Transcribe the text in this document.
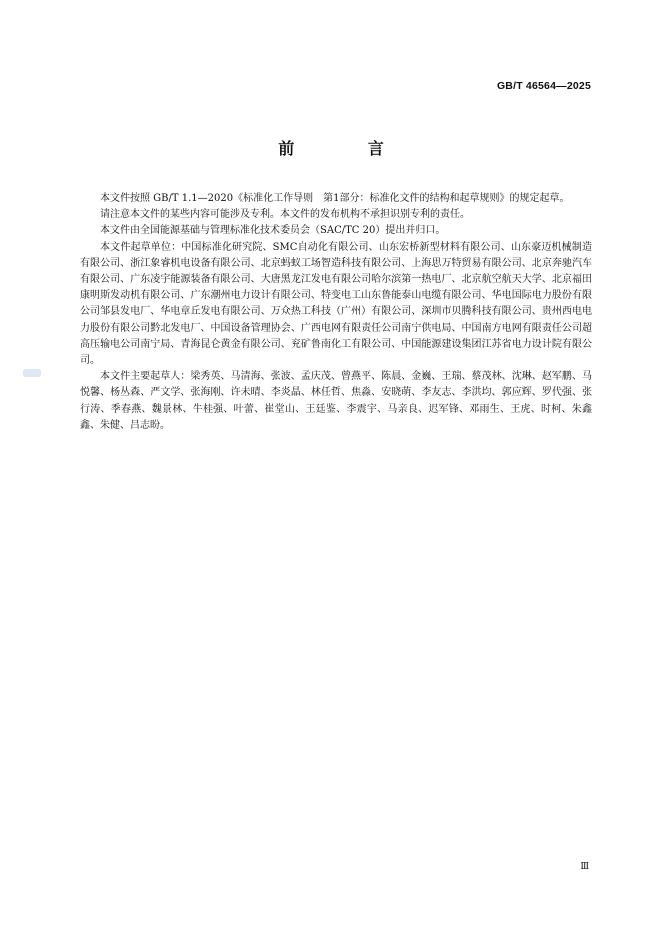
GB/T 46564—2025
前 言

本文件按照 GB/T 1.1—2020《标准化工作导则　第1部分：标准化文件的结构和起草规则》的规定起草。

请注意本文件的某些内容可能涉及专利。本文件的发布机构不承担识别专利的责任。

本文件由全国能源基础与管理标准化技术委员会（SAC/TC 20）提出并归口。

本文件起草单位：中国标准化研究院、SMC自动化有限公司、山东宏桥新型材料有限公司、山东豪迈机械制造有限公司、浙江象睿机电设备有限公司、北京蚂蚁工场智造科技有限公司、上海思万特贸易有限公司、北京奔驰汽车有限公司、广东凌宇能源装备有限公司、大唐黑龙江发电有限公司哈尔滨第一热电厂、北京航空航天大学、北京福田康明斯发动机有限公司、广东潮州电力设计有限公司、特变电工山东鲁能泰山电缆有限公司、华电国际电力股份有限公司邹县发电厂、华电章丘发电有限公司、万众热工科技（广州）有限公司、深圳市贝腾科技有限公司、贵州西电电力股份有限公司黔北发电厂、中国设备管理协会、广西电网有限责任公司南宁供电局、中国南方电网有限责任公司超高压输电公司南宁局、青海昆仑黄金有限公司、兖矿鲁南化工有限公司、中国能源建设集团江苏省电力设计院有限公司。

本文件主要起草人：梁秀英、马清海、张波、孟庆茂、曾燕平、陈晨、金巍、王瑞、蔡茂林、沈琳、赵军鹏、马悦馨、杨丛森、严文学、张海刚、许未晴、李炎晶、林任哲、焦淼、安晓萌、李友志、李洪均、郭应辉、罗代强、张行涛、季春燕、魏景林、牛桂强、叶蕾、崔堂山、王廷鉴、李震宇、马亲良、迟军锋、邓雨生、王虎、时柯、朱鑫鑫、朱健、吕志盼。

Ⅲ
